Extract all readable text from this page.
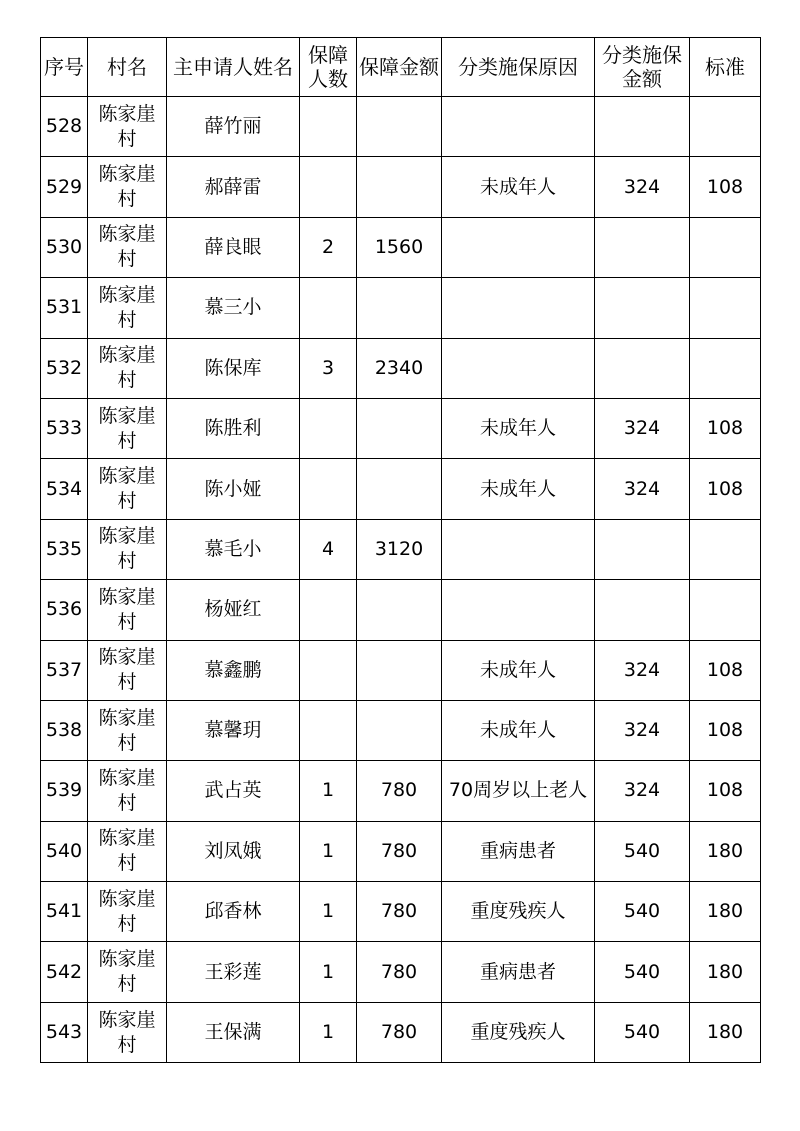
序号	村名	主申请人姓名	保障人数	保障金额	分类施保原因	分类施保金额	标准
528	陈家崖村	薛竹丽					
529	陈家崖村	郝薛雷			未成年人	324	108
530	陈家崖村	薛良眼	2	1560			
531	陈家崖村	慕三小					
532	陈家崖村	陈保库	3	2340			
533	陈家崖村	陈胜利			未成年人	324	108
534	陈家崖村	陈小娅			未成年人	324	108
535	陈家崖村	慕毛小	4	3120			
536	陈家崖村	杨娅红					
537	陈家崖村	慕鑫鹏			未成年人	324	108
538	陈家崖村	慕馨玥			未成年人	324	108
539	陈家崖村	武占英	1	780	70周岁以上老人	324	108
540	陈家崖村	刘凤娥	1	780	重病患者	540	180
541	陈家崖村	邱香林	1	780	重度残疾人	540	180
542	陈家崖村	王彩莲	1	780	重病患者	540	180
543	陈家崖村	王保满	1	780	重度残疾人	540	180
